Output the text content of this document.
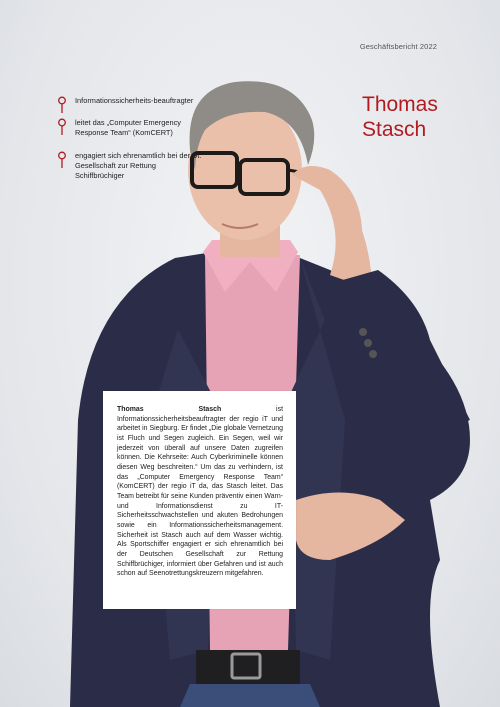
Geschäftsbericht 2022
Thomas
Stasch
Informationssicherheits-beauftragter
leitet das „Computer Emergency Response Team“ (KomCERT)
engagiert sich ehrenamtlich bei der Dt. Gesellschaft zur Rettung Schiffbrüchiger

Thomas Stasch ist Informationssicherheitsbeauftragter der regio iT und arbeitet in Siegburg. Er findet „Die globale Vernetzung ist Fluch und Segen zugleich. Ein Segen, weil wir jederzeit von überall auf unsere Daten zugreifen können. Die Kehrseite: Auch Cyberkriminelle können diesen Weg beschreiten.“ Um das zu verhindern, ist das „Computer Emergency Response Team“ (KomCERT) der regio iT da, das Stasch leitet. Das Team betreibt für seine Kunden präventiv einen Warn- und Informationsdienst zu IT-Sicherheitsschwachstellen und akuten Bedrohungen sowie ein Informationssicherheitsmanagement. Sicherheit ist Stasch auch auf dem Wasser wichtig. Als Sportschiffer engagiert er sich ehrenamtlich bei der Deutschen Gesellschaft zur Rettung Schiffbrüchiger, informiert über Gefahren und ist auch schon auf Seenotrettungskreuzern mitgefahren.
